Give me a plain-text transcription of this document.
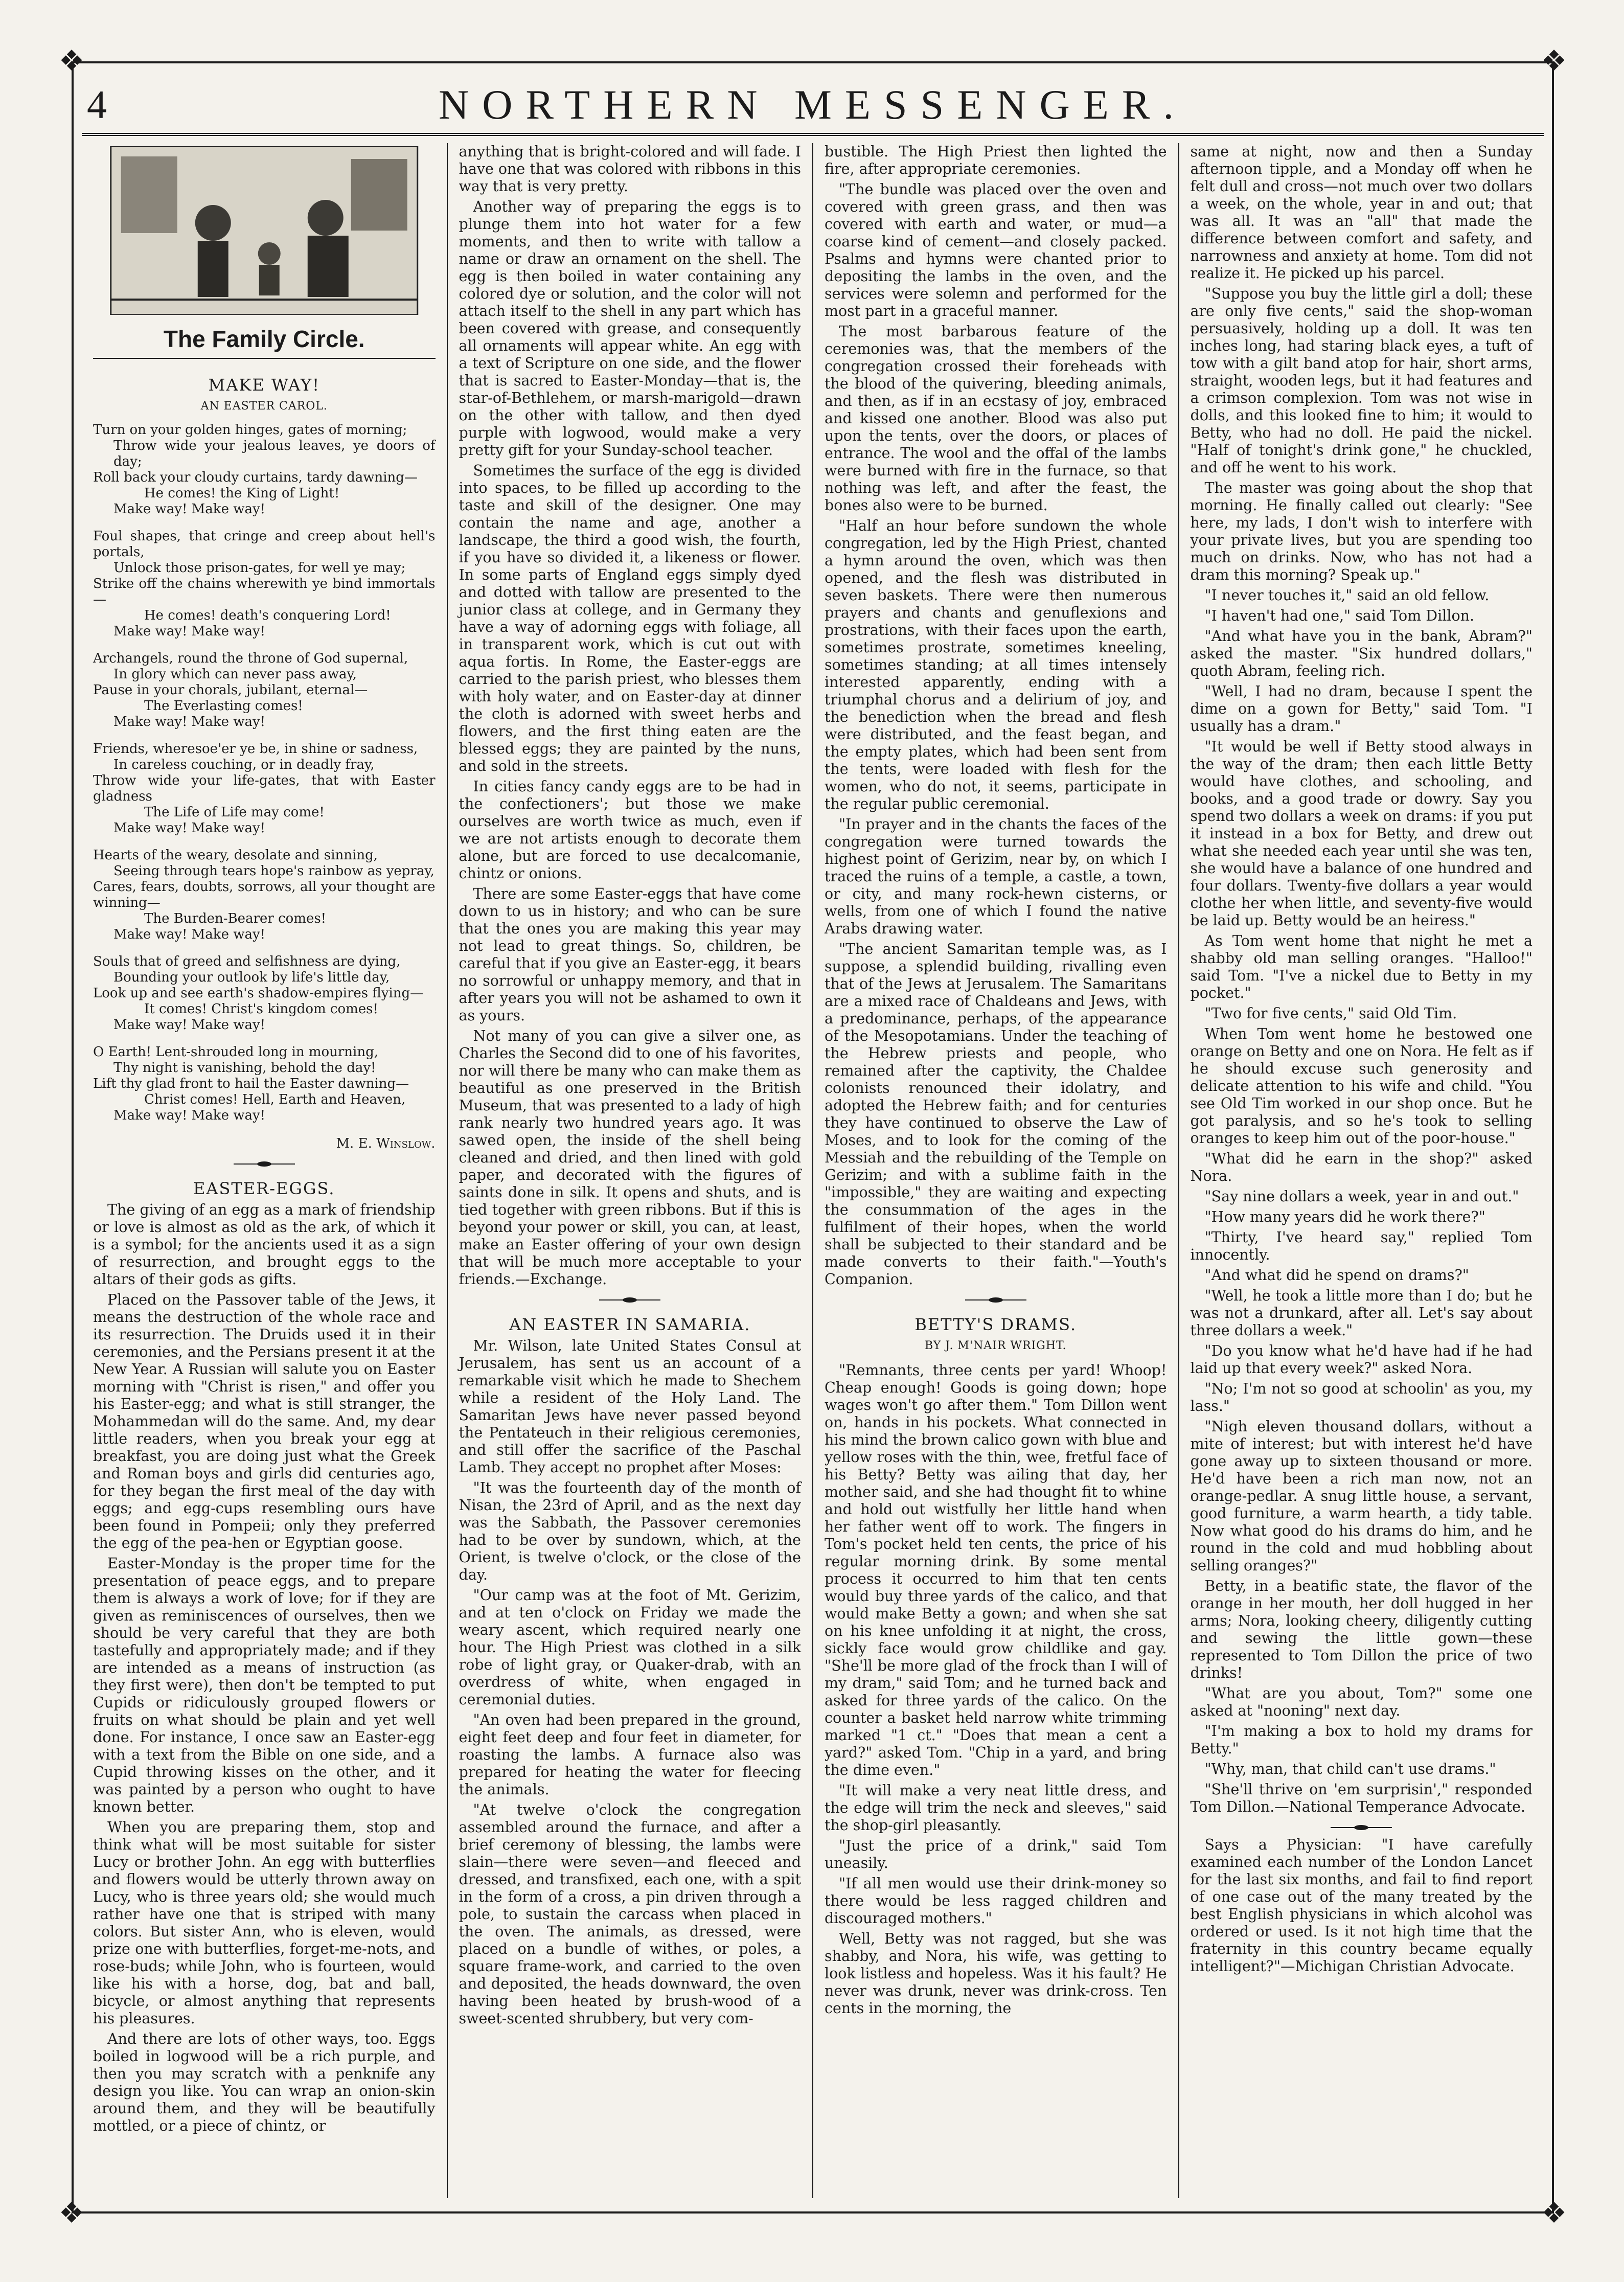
❖	❖
❖	❖
4	NORTHERN MESSENGER.
The Family Circle.
MAKE WAY!
AN EASTER CAROL.
Turn on your golden hinges, gates of morning;
Throw wide your jealous leaves, ye doors of day;
Roll back your cloudy curtains, tardy dawning—
He comes! the King of Light!
Make way! Make way!
Foul shapes, that cringe and creep about hell's portals,
Unlock those prison-gates, for well ye may;
Strike off the chains wherewith ye bind immortals—
He comes! death's conquering Lord!
Make way! Make way!
Archangels, round the throne of God supernal,
In glory which can never pass away,
Pause in your chorals, jubilant, eternal—
The Everlasting comes!
Make way! Make way!
Friends, wheresoe'er ye be, in shine or sadness,
In careless couching, or in deadly fray,
Throw wide your life-gates, that with Easter gladness
The Life of Life may come!
Make way! Make way!
Hearts of the weary, desolate and sinning,
Seeing through tears hope's rainbow as yepray,
Cares, fears, doubts, sorrows, all your thought are winning—
The Burden-Bearer comes!
Make way! Make way!
Souls that of greed and selfishness are dying,
Bounding your outlook by life's little day,
Look up and see earth's shadow-empires flying—
It comes! Christ's kingdom comes!
Make way! Make way!
O Earth! Lent-shrouded long in mourning,
Thy night is vanishing, behold the day!
Lift thy glad front to hail the Easter dawning—
Christ comes! Hell, Earth and Heaven,
Make way! Make way!
M. E. Winslow.
EASTER-EGGS.

The giving of an egg as a mark of friendship or love is almost as old as the ark, of which it is a symbol; for the ancients used it as a sign of resurrection, and brought eggs to the altars of their gods as gifts.

Placed on the Passover table of the Jews, it means the destruction of the whole race and its resurrection. The Druids used it in their ceremonies, and the Persians present it at the New Year. A Russian will salute you on Easter morning with "Christ is risen," and offer you his Easter-egg; and what is still stranger, the Mohammedan will do the same. And, my dear little readers, when you break your egg at breakfast, you are doing just what the Greek and Roman boys and girls did centuries ago, for they began the first meal of the day with eggs; and egg-cups resembling ours have been found in Pompeii; only they preferred the egg of the pea-hen or Egyptian goose.

Easter-Monday is the proper time for the presentation of peace eggs, and to prepare them is always a work of love; for if they are given as reminiscences of ourselves, then we should be very careful that they are both tastefully and appropriately made; and if they are intended as a means of instruction (as they first were), then don't be tempted to put Cupids or ridiculously grouped flowers or fruits on what should be plain and yet well done. For instance, I once saw an Easter-egg with a text from the Bible on one side, and a Cupid throwing kisses on the other, and it was painted by a person who ought to have known better.

When you are preparing them, stop and think what will be most suitable for sister Lucy or brother John. An egg with butterflies and flowers would be utterly thrown away on Lucy, who is three years old; she would much rather have one that is striped with many colors. But sister Ann, who is eleven, would prize one with butterflies, forget-me-nots, and rose-buds; while John, who is fourteen, would like his with a horse, dog, bat and ball, bicycle, or almost anything that represents his pleasures.

And there are lots of other ways, too. Eggs boiled in logwood will be a rich purple, and then you may scratch with a penknife any design you like. You can wrap an onion-skin around them, and they will be beautifully mottled, or a piece of chintz, or

anything that is bright-colored and will fade. I have one that was colored with ribbons in this way that is very pretty.

Another way of preparing the eggs is to plunge them into hot water for a few moments, and then to write with tallow a name or draw an ornament on the shell. The egg is then boiled in water containing any colored dye or solution, and the color will not attach itself to the shell in any part which has been covered with grease, and consequently all ornaments will appear white. An egg with a text of Scripture on one side, and the flower that is sacred to Easter-Monday—that is, the star-of-Bethlehem, or marsh-marigold—drawn on the other with tallow, and then dyed purple with logwood, would make a very pretty gift for your Sunday-school teacher.

Sometimes the surface of the egg is divided into spaces, to be filled up according to the taste and skill of the designer. One may contain the name and age, another a landscape, the third a good wish, the fourth, if you have so divided it, a likeness or flower. In some parts of England eggs simply dyed and dotted with tallow are presented to the junior class at college, and in Germany they have a way of adorning eggs with foliage, all in transparent work, which is cut out with aqua fortis. In Rome, the Easter-eggs are carried to the parish priest, who blesses them with holy water, and on Easter-day at dinner the cloth is adorned with sweet herbs and flowers, and the first thing eaten are the blessed eggs; they are painted by the nuns, and sold in the streets.

In cities fancy candy eggs are to be had in the confectioners'; but those we make ourselves are worth twice as much, even if we are not artists enough to decorate them alone, but are forced to use decalcomanie, chintz or onions.

There are some Easter-eggs that have come down to us in history; and who can be sure that the ones you are making this year may not lead to great things. So, children, be careful that if you give an Easter-egg, it bears no sorrowful or unhappy memory, and that in after years you will not be ashamed to own it as yours.

Not many of you can give a silver one, as Charles the Second did to one of his favorites, nor will there be many who can make them as beautiful as one preserved in the British Museum, that was presented to a lady of high rank nearly two hundred years ago. It was sawed open, the inside of the shell being cleaned and dried, and then lined with gold paper, and decorated with the figures of saints done in silk. It opens and shuts, and is tied together with green ribbons. But if this is beyond your power or skill, you can, at least, make an Easter offering of your own design that will be much more acceptable to your friends.—Exchange.

AN EASTER IN SAMARIA.

Mr. Wilson, late United States Consul at Jerusalem, has sent us an account of a remarkable visit which he made to Shechem while a resident of the Holy Land. The Samaritan Jews have never passed beyond the Pentateuch in their religious ceremonies, and still offer the sacrifice of the Paschal Lamb. They accept no prophet after Moses:

"It was the fourteenth day of the month of Nisan, the 23rd of April, and as the next day was the Sabbath, the Passover ceremonies had to be over by sundown, which, at the Orient, is twelve o'clock, or the close of the day.

"Our camp was at the foot of Mt. Gerizim, and at ten o'clock on Friday we made the weary ascent, which required nearly one hour. The High Priest was clothed in a silk robe of light gray, or Quaker-drab, with an overdress of white, when engaged in ceremonial duties.

"An oven had been prepared in the ground, eight feet deep and four feet in diameter, for roasting the lambs. A furnace also was prepared for heating the water for fleecing the animals.

"At twelve o'clock the congregation assembled around the furnace, and after a brief ceremony of blessing, the lambs were slain—there were seven—and fleeced and dressed, and transfixed, each one, with a spit in the form of a cross, a pin driven through a pole, to sustain the carcass when placed in the oven. The animals, as dressed, were placed on a bundle of withes, or poles, a square frame-work, and carried to the oven and deposited, the heads downward, the oven having been heated by brush-wood of a sweet-scented shrubbery, but very com-

bustible. The High Priest then lighted the fire, after appropriate ceremonies.

"The bundle was placed over the oven and covered with green grass, and then was covered with earth and water, or mud—a coarse kind of cement—and closely packed. Psalms and hymns were chanted prior to depositing the lambs in the oven, and the services were solemn and performed for the most part in a graceful manner.

The most barbarous feature of the ceremonies was, that the members of the congregation crossed their foreheads with the blood of the quivering, bleeding animals, and then, as if in an ecstasy of joy, embraced and kissed one another. Blood was also put upon the tents, over the doors, or places of entrance. The wool and the offal of the lambs were burned with fire in the furnace, so that nothing was left, and after the feast, the bones also were to be burned.

"Half an hour before sundown the whole congregation, led by the High Priest, chanted a hymn around the oven, which was then opened, and the flesh was distributed in seven baskets. There were then numerous prayers and chants and genuflexions and prostrations, with their faces upon the earth, sometimes prostrate, sometimes kneeling, sometimes standing; at all times intensely interested apparently, ending with a triumphal chorus and a delirium of joy, and the benediction when the bread and flesh were distributed, and the feast began, and the empty plates, which had been sent from the tents, were loaded with flesh for the women, who do not, it seems, participate in the regular public ceremonial.

"In prayer and in the chants the faces of the congregation were turned towards the highest point of Gerizim, near by, on which I traced the ruins of a temple, a castle, a town, or city, and many rock-hewn cisterns, or wells, from one of which I found the native Arabs drawing water.

"The ancient Samaritan temple was, as I suppose, a splendid building, rivalling even that of the Jews at Jerusalem. The Samaritans are a mixed race of Chaldeans and Jews, with a predominance, perhaps, of the appearance of the Mesopotamians. Under the teaching of the Hebrew priests and people, who remained after the captivity, the Chaldee colonists renounced their idolatry, and adopted the Hebrew faith; and for centuries they have continued to observe the Law of Moses, and to look for the coming of the Messiah and the rebuilding of the Temple on Gerizim; and with a sublime faith in the "impossible," they are waiting and expecting the consummation of the ages in the fulfilment of their hopes, when the world shall be subjected to their standard and be made converts to their faith."—Youth's Companion.

BETTY'S DRAMS.
BY J. M'NAIR WRIGHT.

"Remnants, three cents per yard! Whoop! Cheap enough! Goods is going down; hope wages won't go after them." Tom Dillon went on, hands in his pockets. What connected in his mind the brown calico gown with blue and yellow roses with the thin, wee, fretful face of his Betty? Betty was ailing that day, her mother said, and she had thought fit to whine and hold out wistfully her little hand when her father went off to work. The fingers in Tom's pocket held ten cents, the price of his regular morning drink. By some mental process it occurred to him that ten cents would buy three yards of the calico, and that would make Betty a gown; and when she sat on his knee unfolding it at night, the cross, sickly face would grow childlike and gay. "She'll be more glad of the frock than I will of my dram," said Tom; and he turned back and asked for three yards of the calico. On the counter a basket held narrow white trimming marked "1 ct." "Does that mean a cent a yard?" asked Tom. "Chip in a yard, and bring the dime even."

"It will make a very neat little dress, and the edge will trim the neck and sleeves," said the shop-girl pleasantly.

"Just the price of a drink," said Tom uneasily.

"If all men would use their drink-money so there would be less ragged children and discouraged mothers."

Well, Betty was not ragged, but she was shabby, and Nora, his wife, was getting to look listless and hopeless. Was it his fault? He never was drunk, never was drink-cross. Ten cents in the morning, the

same at night, now and then a Sunday afternoon tipple, and a Monday off when he felt dull and cross—not much over two dollars a week, on the whole, year in and out; that was all. It was an "all" that made the difference between comfort and safety, and narrowness and anxiety at home. Tom did not realize it. He picked up his parcel.

"Suppose you buy the little girl a doll; these are only five cents," said the shop-woman persuasively, holding up a doll. It was ten inches long, had staring black eyes, a tuft of tow with a gilt band atop for hair, short arms, straight, wooden legs, but it had features and a crimson complexion. Tom was not wise in dolls, and this looked fine to him; it would to Betty, who had no doll. He paid the nickel. "Half of tonight's drink gone," he chuckled, and off he went to his work.

The master was going about the shop that morning. He finally called out clearly: "See here, my lads, I don't wish to interfere with your private lives, but you are spending too much on drinks. Now, who has not had a dram this morning? Speak up."

"I never touches it," said an old fellow.

"I haven't had one," said Tom Dillon.

"And what have you in the bank, Abram?" asked the master. "Six hundred dollars," quoth Abram, feeling rich.

"Well, I had no dram, because I spent the dime on a gown for Betty," said Tom. "I usually has a dram."

"It would be well if Betty stood always in the way of the dram; then each little Betty would have clothes, and schooling, and books, and a good trade or dowry. Say you spend two dollars a week on drams: if you put it instead in a box for Betty, and drew out what she needed each year until she was ten, she would have a balance of one hundred and four dollars. Twenty-five dollars a year would clothe her when little, and seventy-five would be laid up. Betty would be an heiress."

As Tom went home that night he met a shabby old man selling oranges. "Halloo!" said Tom. "I've a nickel due to Betty in my pocket."

"Two for five cents," said Old Tim.

When Tom went home he bestowed one orange on Betty and one on Nora. He felt as if he should excuse such generosity and delicate attention to his wife and child. "You see Old Tim worked in our shop once. But he got paralysis, and so he's took to selling oranges to keep him out of the poor-house."

"What did he earn in the shop?" asked Nora.

"Say nine dollars a week, year in and out."

"How many years did he work there?"

"Thirty, I've heard say," replied Tom innocently.

"And what did he spend on drams?"

"Well, he took a little more than I do; but he was not a drunkard, after all. Let's say about three dollars a week."

"Do you know what he'd have had if he had laid up that every week?" asked Nora.

"No; I'm not so good at schoolin' as you, my lass."

"Nigh eleven thousand dollars, without a mite of interest; but with interest he'd have gone away up to sixteen thousand or more. He'd have been a rich man now, not an orange-pedlar. A snug little house, a servant, good furniture, a warm hearth, a tidy table. Now what good do his drams do him, and he round in the cold and mud hobbling about selling oranges?"

Betty, in a beatific state, the flavor of the orange in her mouth, her doll hugged in her arms; Nora, looking cheery, diligently cutting and sewing the little gown—these represented to Tom Dillon the price of two drinks!

"What are you about, Tom?" some one asked at "nooning" next day.

"I'm making a box to hold my drams for Betty."

"Why, man, that child can't use drams."

"She'll thrive on 'em surprisin'," responded Tom Dillon.—National Temperance Advocate.

Says a Physician: "I have carefully examined each number of the London Lancet for the last six months, and fail to find report of one case out of the many treated by the best English physicians in which alcohol was ordered or used. Is it not high time that the fraternity in this country became equally intelligent?"—Michigan Christian Advocate.
